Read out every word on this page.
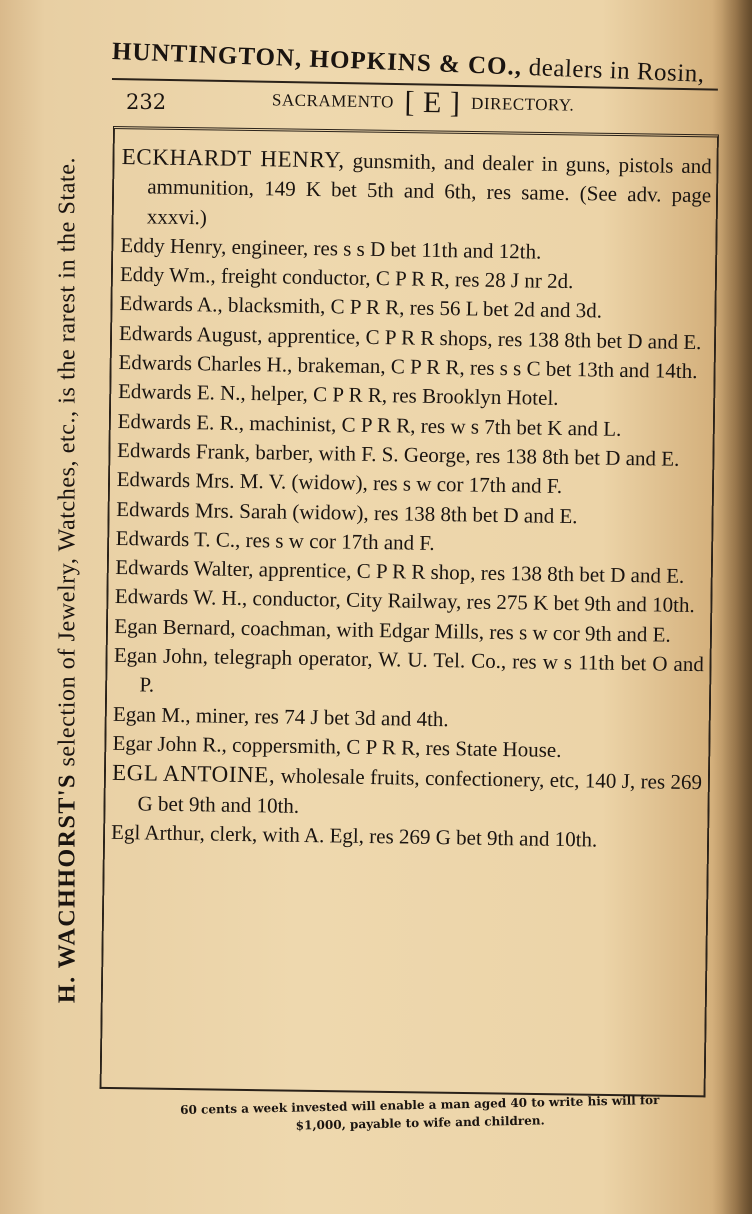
HUNTINGTON, HOPKINS & CO., dealers in Rosin,
232	SACRAMENTO [ E ] DIRECTORY.
H. WACHHORST'S selection of Jewelry, Watches, etc., is the rarest in the State. ECKHARDT HENRY, gunsmith, and dealer in guns, pistols and ammunition, 149 K bet 5th and 6th, res same. (See adv. page xxxvi.)

Eddy Henry, engineer, res s s D bet 11th and 12th.

Eddy Wm., freight conductor, C P R R, res 28 J nr 2d.

Edwards A., blacksmith, C P R R, res 56 L bet 2d and 3d.

Edwards August, apprentice, C P R R shops, res 138 8th bet D and E.

Edwards Charles H., brakeman, C P R R, res s s C bet 13th and 14th.

Edwards E. N., helper, C P R R, res Brooklyn Hotel.

Edwards E. R., machinist, C P R R, res w s 7th bet K and L.

Edwards Frank, barber, with F. S. George, res 138 8th bet D and E.

Edwards Mrs. M. V. (widow), res s w cor 17th and F.

Edwards Mrs. Sarah (widow), res 138 8th bet D and E.

Edwards T. C., res s w cor 17th and F.

Edwards Walter, apprentice, C P R R shop, res 138 8th bet D and E.

Edwards W. H., conductor, City Railway, res 275 K bet 9th and 10th.

Egan Bernard, coachman, with Edgar Mills, res s w cor 9th and E.

Egan John, telegraph operator, W. U. Tel. Co., res w s 11th bet O and P.

Egan M., miner, res 74 J bet 3d and 4th.

Egar John R., coppersmith, C P R R, res State House.

EGL ANTOINE, wholesale fruits, confectionery, etc, 140 J, res 269 G bet 9th and 10th.

Egl Arthur, clerk, with A. Egl, res 269 G bet 9th and 10th.

60 cents a week invested will enable a man aged 40 to write his will for
$1,000, payable to wife and children.
